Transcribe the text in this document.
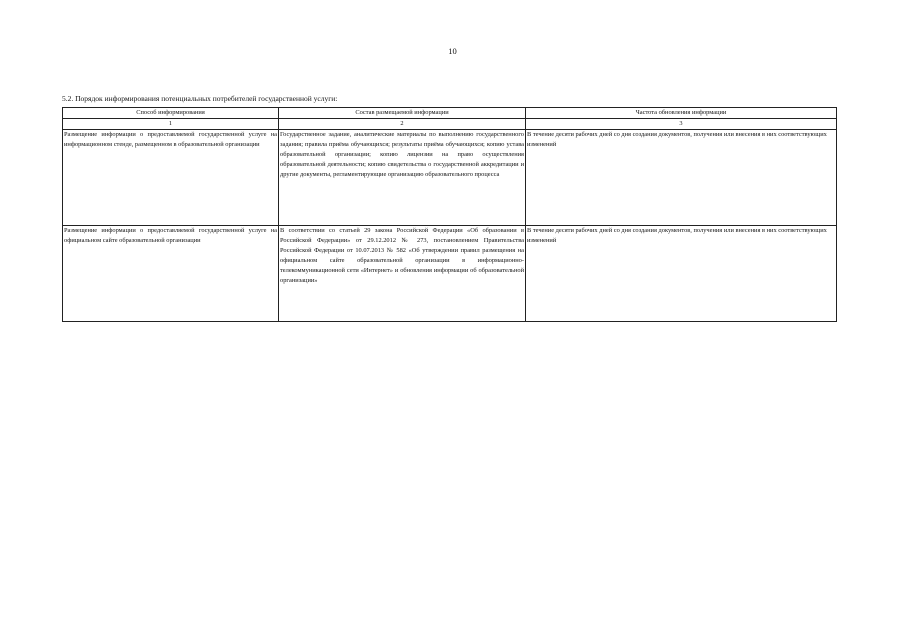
10
5.2. Порядок информирования потенциальных потребителей государственной услуги:
Способ информирования	Состав размещаемой информации	Частота обновления информации
1	2	3
Размещение информации о предоставляемой государственной услуге на информационном стенде, размещенном в образовательной организации	Государственное задание, аналитические материалы по выполнению государственного задания; правила приёма обучающихся; результаты приёма обучающихся; копию устава образовательной организации; копию лицензии на право осуществления образовательной деятельности; копию свидетельства о государственной аккредитации и другие документы, регламентирующие организацию образовательного процесса	В течение десяти рабочих дней со дня создания документов, получения или внесения в них соответствующих изменений
Размещение информации о предоставляемой государственной услуге на официальном сайте образовательной организации	В соответствии со статьей 29 закона Российской Федерации «Об образовании в Российской Федерации» от 29.12.2012 № 273, постановлением Правительства Российской Федерации от 10.07.2013 № 582 «Об утверждении правил размещения на официальном сайте образовательной организации в информационно-телекоммуникационной сети «Интернет» и обновления информации об образовательной организации»	В течение десяти рабочих дней со дня создания документов, получения или внесения в них соответствующих изменений
